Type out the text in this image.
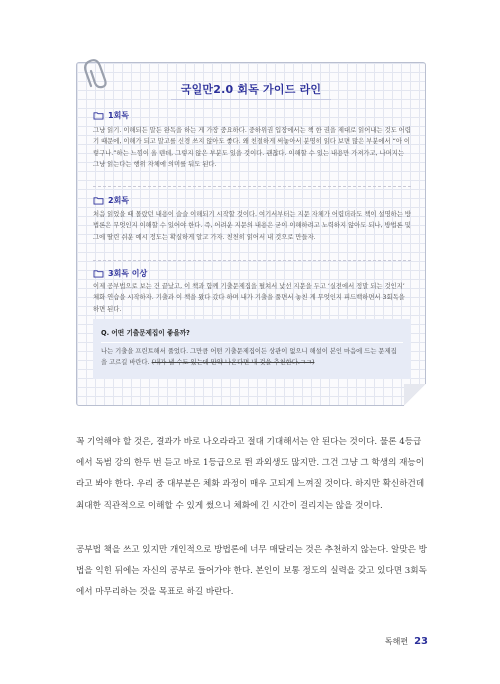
국일만2.0 회독 가이드 라인
1회독

그냥 읽기. 이해되든 말든 완독을 하는 게 가장 중요하다. 중하위권 입장에서는 책 한 권을 제대로 읽어내는 것도 어렵기 때문에, 이해가 되고 말고를 신경 쓰지 않아도 좋다. 왜 친절하게 써놓아서 분명히 읽다 보면 많은 부분에서 “아 이렇구나.”하는 느낌이 올 텐데, 그렇지 않은 부분도 있을 것이다. 괜찮다. 이해할 수 있는 내용만 가져가고, 나머지는 그냥 읽는다는 행위 자체에 의미를 둬도 된다.

2회독

처음 읽었을 때 몰랐던 내용이 슬슬 이해되기 시작할 것이다. 여기서부터는 지문 자체가 어렵더라도 책이 설명하는 방법론은 무엇인지 이해할 수 있어야 한다. 즉, 어려운 지문의 내용은 굳이 이해하려고 노력하지 않아도 되나, 방법론 및 그에 딸린 쉬운 예시 정도는 확실하게 알고 가자. 친천히 읽어서 내 것으로 만들자.

3회독 이상

이제 공부법으로 보는 건 끝났고, 이 책과 함께 기출문제집을 펼쳐서 낯선 지문을 두고 ‘실전에서 정말 되는 것인지’ 체화 연습을 시작하자. 기출과 이 책을 왔다 갔다 하며 내가 기출을 풀면서 놓친 게 무엇인지 피드백하면서 3회독을 하면 된다.

Q. 어떤 기출문제집이 좋을까?

나는 기출을 프린트해서 풀었다. 그만큼 어떤 기출문제집이든 상관이 없으니 해설이 본인 마음에 드는 문제집을 고르길 바란다. (내가 낼 수도 있는데 만약 나온다면 내 것을 추천한다.ㅋㅋ)

꼭 기억해야 할 것은, 결과가 바로 나오라라고 절대 기대해서는 안 된다는 것이다. 물론 4등급에서 독범 강의 한두 번 듣고 바로 1등급으로 뛴 과외생도 많지만. 그건 그냥 그 학생의 재능이라고 봐야 한다. 우리 중 대부분은 체화 과정이 매우 고되게 느껴질 것이다. 하지만 확신하건데 최대한 직관적으로 이해할 수 있게 썼으니 체화에 긴 시간이 걸리지는 않을 것이다.

공부법 책을 쓰고 있지만 개인적으로 방법론에 너무 매달리는 것은 추천하지 않는다. 알맞은 방법을 익힌 뒤에는 자신의 공부로 들어가야 한다. 본인이 보통 정도의 실력을 갖고 있다면 3회독에서 마무리하는 것을 목표로 하길 바란다.

독해편 23
